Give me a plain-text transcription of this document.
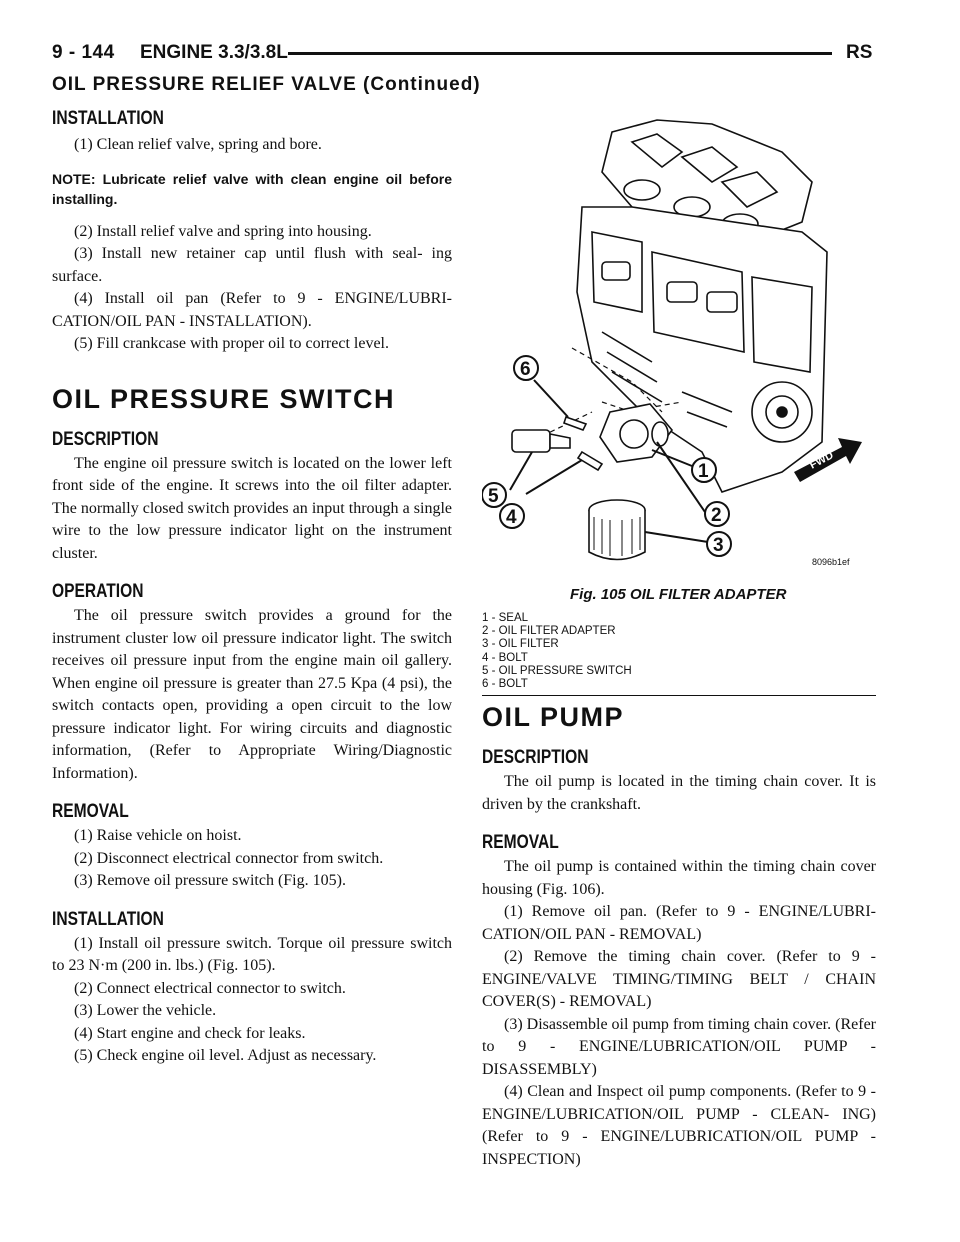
9 - 144 ENGINE 3.3/3.8L	RS
OIL PRESSURE RELIEF VALVE (Continued)
INSTALLATION

(1) Clean relief valve, spring and bore.

NOTE: Lubricate relief valve with clean engine oil before installing.

(2) Install relief valve and spring into housing.

(3) Install new retainer cap until flush with seal- ing surface.

(4) Install oil pan (Refer to 9 - ENGINE/LUBRI- CATION/OIL PAN - INSTALLATION).

(5) Fill crankcase with proper oil to correct level.

OIL PRESSURE SWITCH
DESCRIPTION

The engine oil pressure switch is located on the lower left front side of the engine. It screws into the oil filter adapter. The normally closed switch provides an input through a single wire to the low pressure indicator light on the instrument cluster.

OPERATION

The oil pressure switch provides a ground for the instrument cluster low oil pressure indicator light. The switch receives oil pressure input from the engine main oil gallery. When engine oil pressure is greater than 27.5 Kpa (4 psi), the switch contacts open, providing a open circuit to the low pressure indicator light. For wiring circuits and diagnostic information, (Refer to Appropriate Wiring/Diagnostic Information).

REMOVAL

(1) Raise vehicle on hoist.

(2) Disconnect electrical connector from switch.

(3) Remove oil pressure switch (Fig. 105).

INSTALLATION

(1) Install oil pressure switch. Torque oil pressure switch to 23 N·m (200 in. lbs.) (Fig. 105).

(2) Connect electrical connector to switch.

(3) Lower the vehicle.

(4) Start engine and check for leaks.

(5) Check engine oil level. Adjust as necessary.

FWD
1
2
3
4
5
6
8096b1ef
Fig. 105 OIL FILTER ADAPTER
1 - SEAL
2 - OIL FILTER ADAPTER
3 - OIL FILTER
4 - BOLT
5 - OIL PRESSURE SWITCH
6 - BOLT
OIL PUMP
DESCRIPTION

The oil pump is located in the timing chain cover. It is driven by the crankshaft.

REMOVAL

The oil pump is contained within the timing chain cover housing (Fig. 106).

(1) Remove oil pan. (Refer to 9 - ENGINE/LUBRI- CATION/OIL PAN - REMOVAL)

(2) Remove the timing chain cover. (Refer to 9 - ENGINE/VALVE TIMING/TIMING BELT / CHAIN COVER(S) - REMOVAL)

(3) Disassemble oil pump from timing chain cover. (Refer to 9 - ENGINE/LUBRICATION/OIL PUMP - DISASSEMBLY)

(4) Clean and Inspect oil pump components. (Refer to 9 - ENGINE/LUBRICATION/OIL PUMP - CLEAN- ING) (Refer to 9 - ENGINE/LUBRICATION/OIL PUMP - INSPECTION)
